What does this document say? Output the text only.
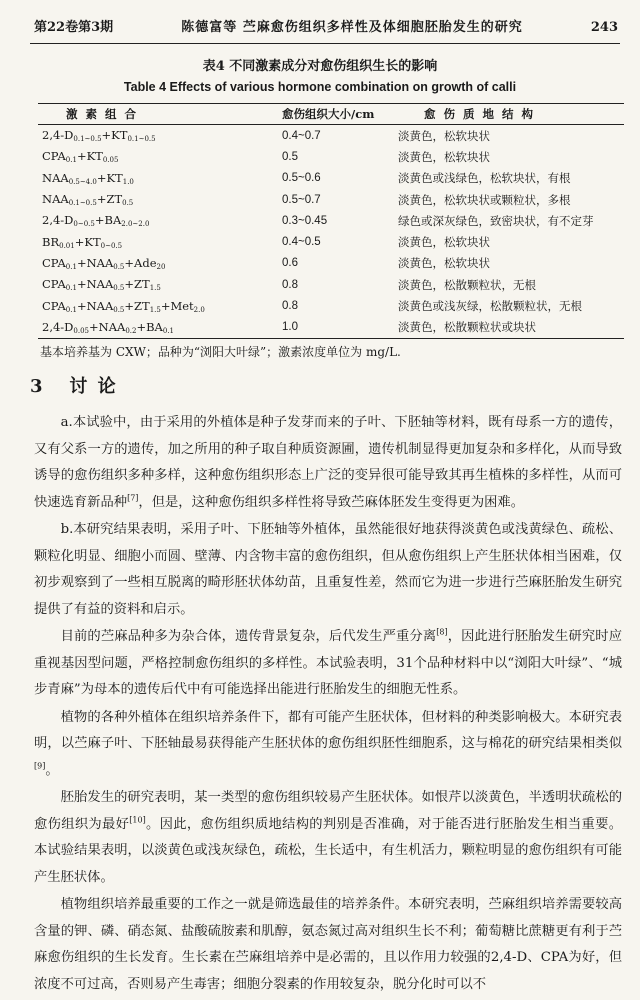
第22卷第3期	陈德富等 苎麻愈伤组织多样性及体细胞胚胎发生的研究	243
表4 不同激素成分对愈伤组织生长的影响
Table 4 Effects of various hormone combination on growth of calli
激素组合	愈伤组织大小/cm	愈伤质地结构
$2,4-D_{0.1\sim 0.5}+KT_{0.1\sim 0.5}$	0.4~0.7	淡黄色，松软块状
$CPA_{0.1}+KT_{0.05}$	0.5	淡黄色，松软块状
$NAA_{0.5\sim 4.0}+KT_{1.0}$	0.5~0.6	淡黄色或浅绿色，松软块状，有根
$NAA_{0.1\sim 0.5}+ZT_{0.5}$	0.5~0.7	淡黄色，松软块状或颗粒状，多根
$2,4-D_{0\sim 0.5}+BA_{2.0\sim 2.0}$	0.3~0.45	绿色或深灰绿色，致密块状，有不定芽
$BR_{0.01}+KT_{0\sim 0.5}$	0.4~0.5	淡黄色，松软块状
$CPA_{0.1}+NAA_{0.5}+Ade_{20}$	0.6	淡黄色，松软块状
$CPA_{0.1}+NAA_{0.5}+ZT_{1.5}$	0.8	淡黄色，松散颗粒状，无根
$CPA_{0.1}+NAA_{0.5}+ZT_{1.5}+Met_{2.0}$	0.8	淡黄色或浅灰绿，松散颗粒状，无根
$2,4-D_{0.05}+NAA_{0.2}+BA_{0.1}$	1.0	淡黄色，松散颗粒状或块状
基本培养基为 CXW；品种为“浏阳大叶绿”；激素浓度单位为 mg/L.
3 讨 论

a.本试验中，由于采用的外植体是种子发芽而来的子叶、下胚轴等材料，既有母系一方的遗传，又有父系一方的遗传，加之所用的种子取自种质资源圃，遗传机制显得更加复杂和多样化，从而导致诱导的愈伤组织多种多样，这种愈伤组织形态上广泛的变异很可能导致其再生植株的多样性，从而可快速选育新品种[7]，但是，这种愈伤组织多样性将导致苎麻体胚发生变得更为困难。

b.本研究结果表明，采用子叶、下胚轴等外植体，虽然能很好地获得淡黄色或浅黄绿色、疏松、颗粒化明显、细胞小而圆、壁薄、内含物丰富的愈伤组织，但从愈伤组织上产生胚状体相当困难，仅初步观察到了一些相互脱离的畸形胚状体幼苗，且重复性差，然而它为进一步进行苎麻胚胎发生研究提供了有益的资料和启示。

目前的苎麻品种多为杂合体，遗传背景复杂，后代发生严重分离[8]，因此进行胚胎发生研究时应重视基因型问题，严格控制愈伤组织的多样性。本试验表明，31个品种材料中以“浏阳大叶绿”、“城步青麻”为母本的遗传后代中有可能选择出能进行胚胎发生的细胞无性系。

植物的各种外植体在组织培养条件下，都有可能产生胚状体，但材料的种类影响极大。本研究表明，以苎麻子叶、下胚轴最易获得能产生胚状体的愈伤组织胚性细胞系，这与棉花的研究结果相类似[9]。

胚胎发生的研究表明，某一类型的愈伤组织较易产生胚状体。如恨芹以淡黄色，半透明状疏松的愈伤组织为最好[10]。因此，愈伤组织质地结构的判别是否准确，对于能否进行胚胎发生相当重要。本试验结果表明，以淡黄色或浅灰绿色，疏松，生长适中，有生机活力，颗粒明显的愈伤组织有可能产生胚状体。

植物组织培养最重要的工作之一就是筛选最佳的培养条件。本研究表明，苎麻组织培养需要较高含量的钾、磷、硝态氮、盐酸硫胺素和肌醇，氨态氮过高对组织生长不利；葡萄糖比蔗糖更有利于苎麻愈伤组织的生长发育。生长素在苎麻组培养中是必需的，且以作用力较强的2,4-D、CPA为好，但浓度不可过高，否则易产生毒害；细胞分裂素的作用较复杂，脱分化时可以不
